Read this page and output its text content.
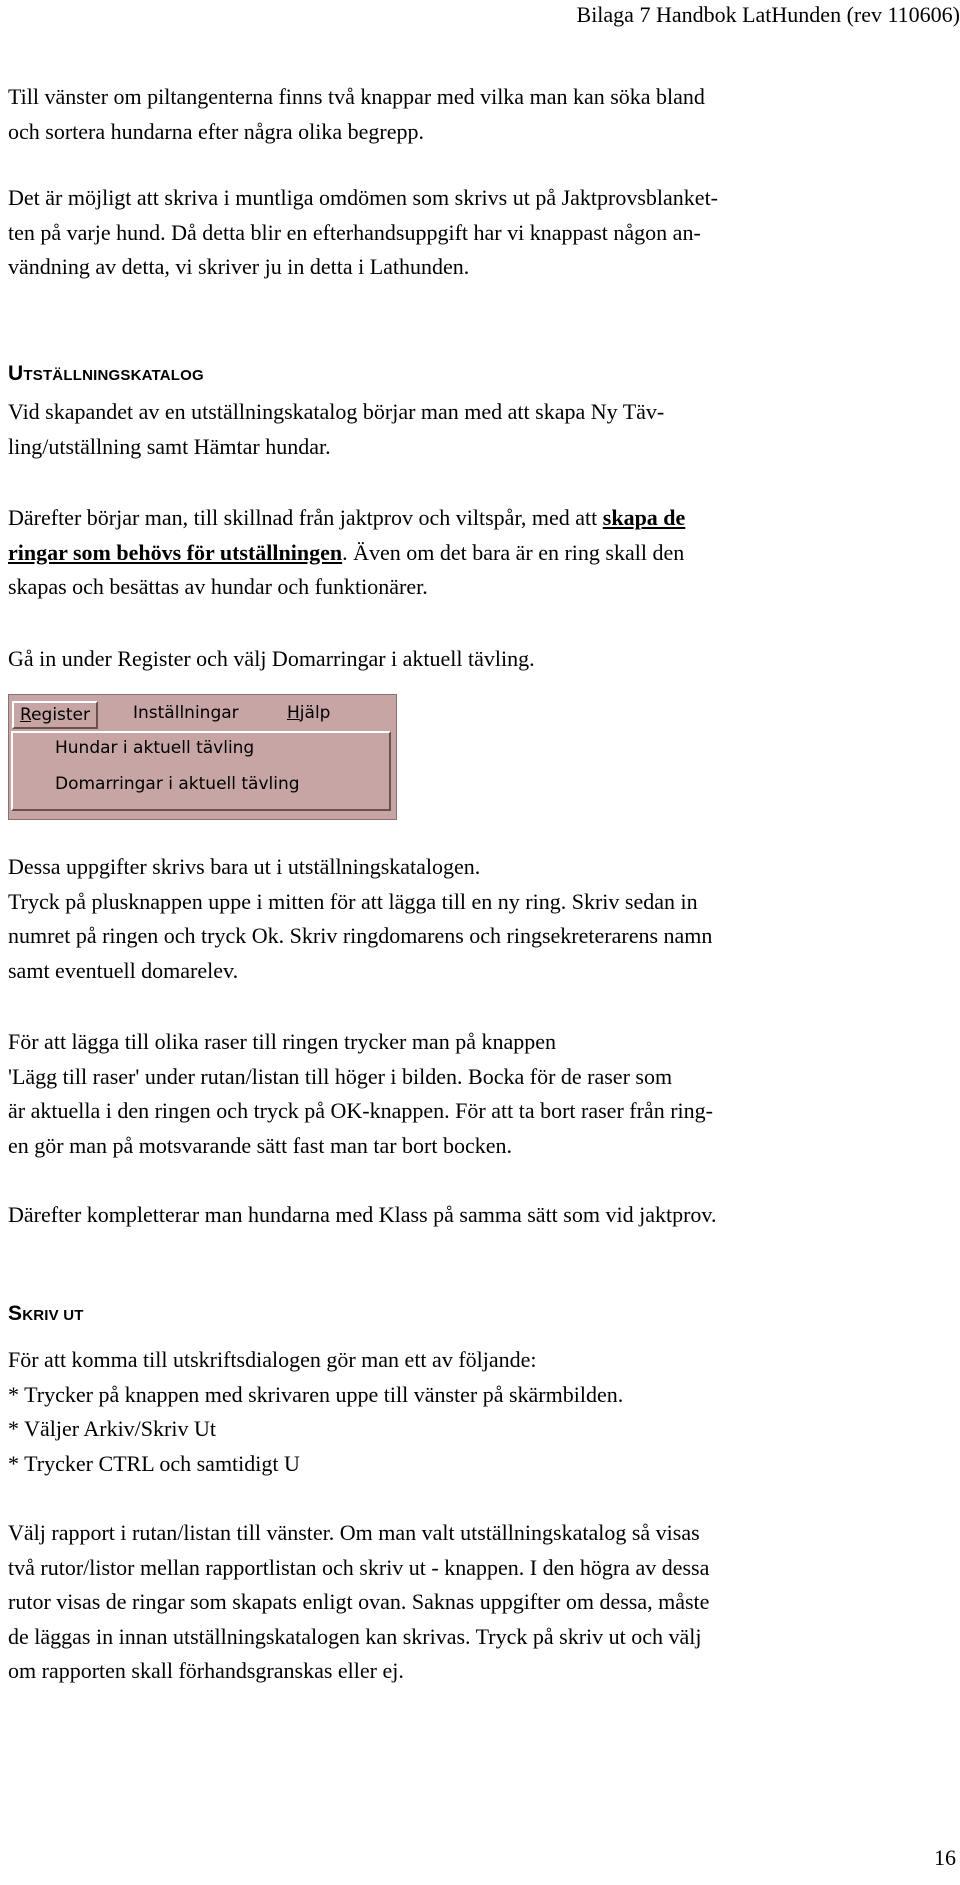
Bilaga 7 Handbok LatHunden (rev 110606)
Till vänster om piltangenterna finns två knappar med vilka man kan söka bland
och sortera hundarna efter några olika begrepp.
Det är möjligt att skriva i muntliga omdömen som skrivs ut på Jaktprovsblanket-
ten på varje hund. Då detta blir en efterhandsuppgift har vi knappast någon an-
vändning av detta, vi skriver ju in detta i Lathunden.
UTSTÄLLNINGSKATALOG
Vid skapandet av en utställningskatalog börjar man med att skapa Ny Täv-
ling/utställning samt Hämtar hundar.
Därefter börjar man, till skillnad från jaktprov och viltspår, med att skapa de
ringar som behövs för utställningen. Även om det bara är en ring skall den
skapas och besättas av hundar och funktionärer.
Gå in under Register och välj Domarringar i aktuell tävling.
Register	Inställningar	Hjälp
Hundar i aktuell tävling
Domarringar i aktuell tävling
Dessa uppgifter skrivs bara ut i utställningskatalogen.
Tryck på plusknappen uppe i mitten för att lägga till en ny ring. Skriv sedan in
numret på ringen och tryck Ok. Skriv ringdomarens och ringsekreterarens namn
samt eventuell domarelev.
För att lägga till olika raser till ringen trycker man på knappen
'Lägg till raser' under rutan/listan till höger i bilden. Bocka för de raser som
är aktuella i den ringen och tryck på OK-knappen. För att ta bort raser från ring-
en gör man på motsvarande sätt fast man tar bort bocken.
Därefter kompletterar man hundarna med Klass på samma sätt som vid jaktprov.
SKRIV UT
För att komma till utskriftsdialogen gör man ett av följande:
* Trycker på knappen med skrivaren uppe till vänster på skärmbilden.
* Väljer Arkiv/Skriv Ut
* Trycker CTRL och samtidigt U
Välj rapport i rutan/listan till vänster. Om man valt utställningskatalog så visas
två rutor/listor mellan rapportlistan och skriv ut - knappen. I den högra av dessa
rutor visas de ringar som skapats enligt ovan. Saknas uppgifter om dessa, måste
de läggas in innan utställningskatalogen kan skrivas. Tryck på skriv ut och välj
om rapporten skall förhandsgranskas eller ej.
16
